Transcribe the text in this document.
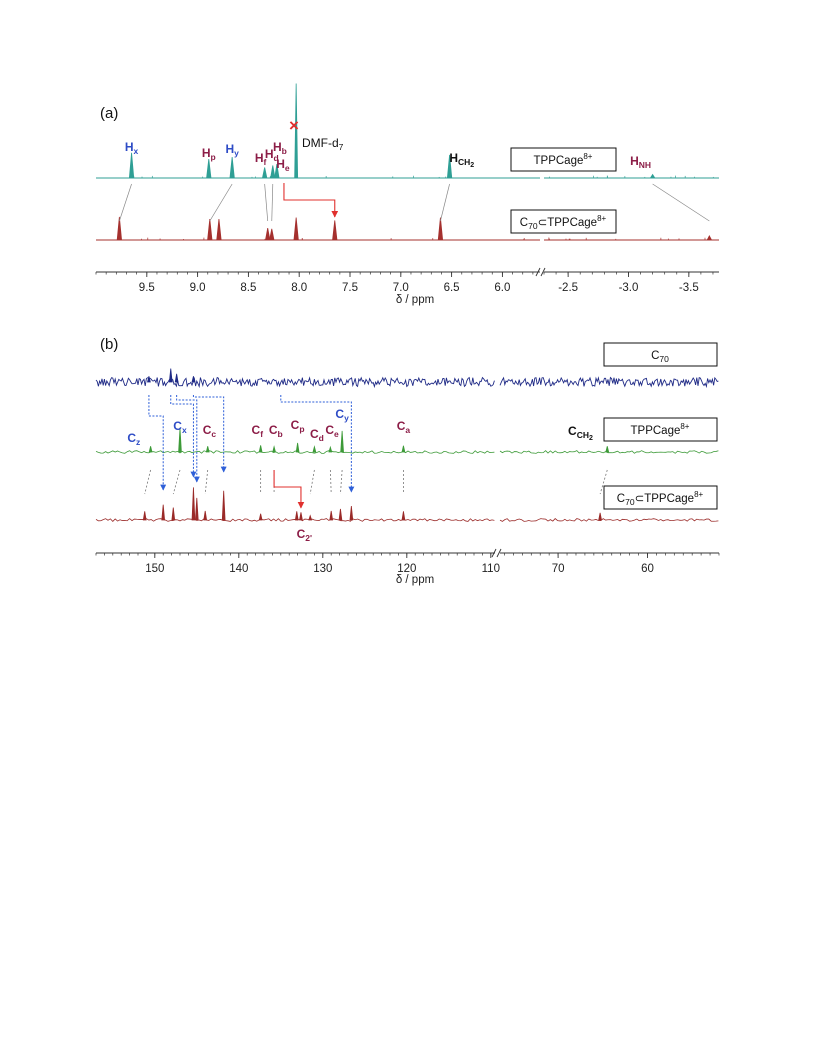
(a)
$H_x$	$H_p$
$H_y$ $H_f$
$H_d$
$H_b$
$H_e$
$H_{CH}2$	$H_{NH}$
DMF-$d_7$
×
TPPCage$^{8+}$
$C_{70}\subset TPPCage^{8+}$
9.5	9.0	8.5	8.0	7.5	7.0	6.5	6.0	-2.5	-3.0	-3.5
δ / ppm
(b)
$C_z$
$C_x$ $C_c$	$C_f$ $C_b$
$C_p$ $C_d$
$C_e$
$C_y$
$C_a$	$C_{CH}2$
$C_{2'}$
$C_{70}$
TPPCage$^{8+}$
$C_{70}\subset TPPCage^{8+}$
150	140	130	120	110	70	60
δ / ppm
